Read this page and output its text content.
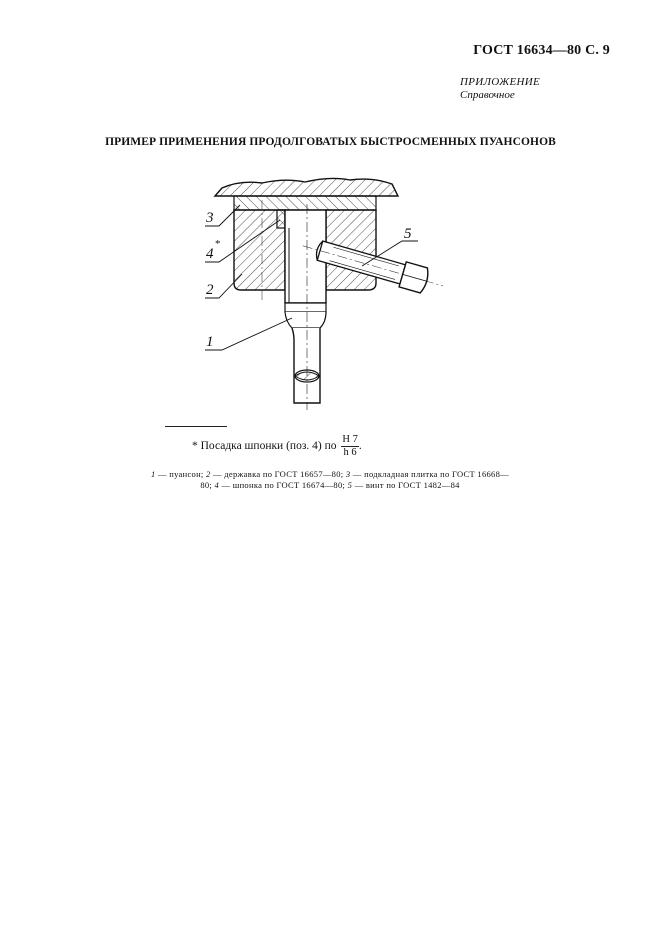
ГОСТ 16634—80 С. 9
ПРИЛОЖЕНИЕ
Справочное
ПРИМЕР ПРИМЕНЕНИЯ ПРОДОЛГОВАТЫХ БЫСТРОСМЕННЫХ ПУАНСОНОВ
3
4
*
2
1
5
* Посадка шпонки (поз. 4) по $\frac{Н 7}{h 6}$ .
1 — пуансон; 2 — державка по ГОСТ 16657—80; 3 — подкладная плитка по ГОСТ 16668—80; 4 — шпонка по ГОСТ 16674—80; 5 — винт по ГОСТ 1482—84
